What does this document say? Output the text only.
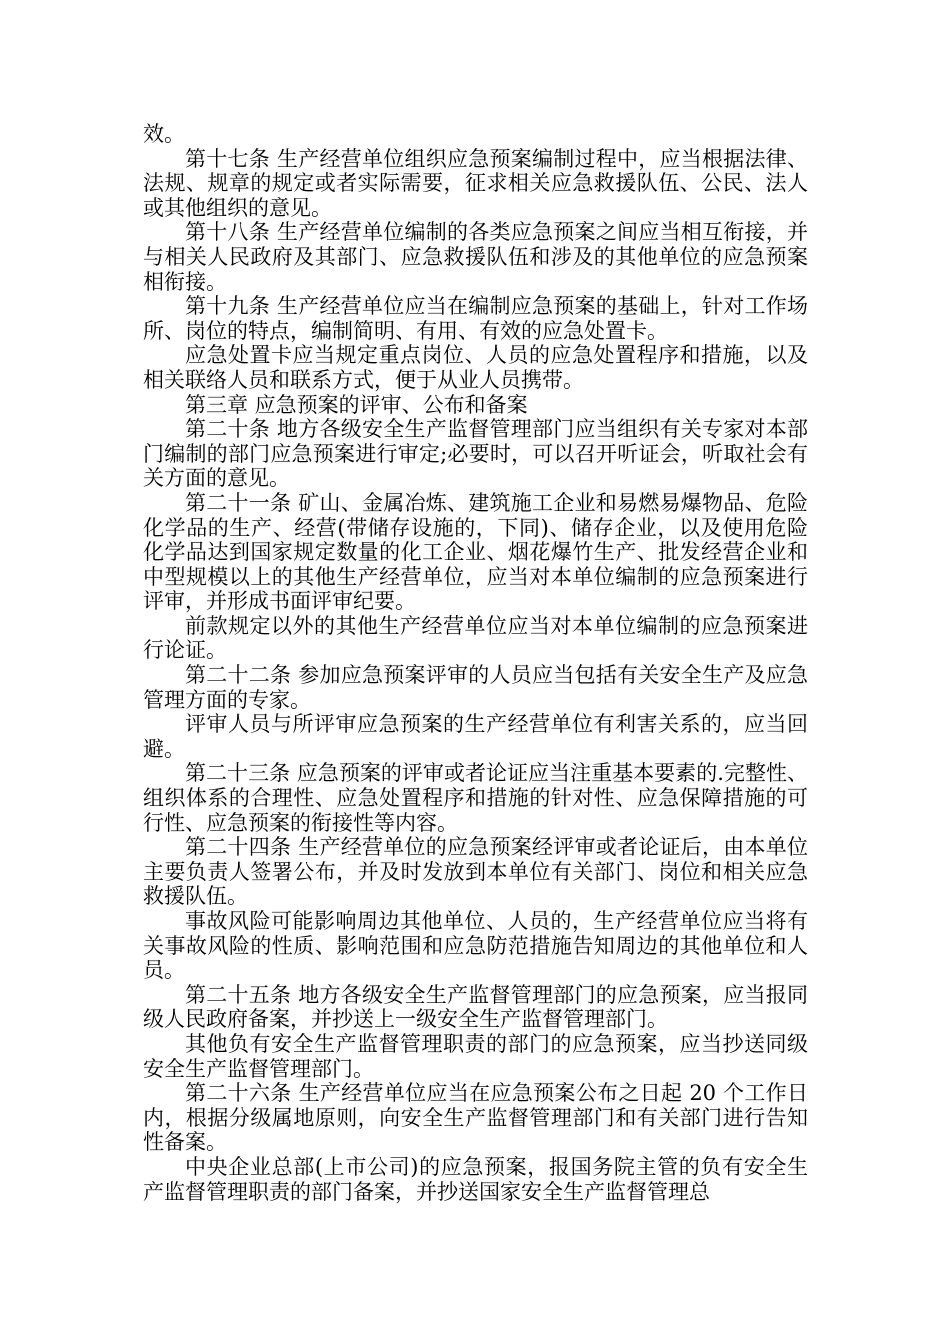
效。

第十七条 生产经营单位组织应急预案编制过程中，应当根据法律、法规、规章的规定或者实际需要，征求相关应急救援队伍、公民、法人或其他组织的意见。

第十八条 生产经营单位编制的各类应急预案之间应当相互衔接，并与相关人民政府及其部门、应急救援队伍和涉及的其他单位的应急预案相衔接。

第十九条 生产经营单位应当在编制应急预案的基础上，针对工作场所、岗位的特点，编制简明、有用、有效的应急处置卡。

应急处置卡应当规定重点岗位、人员的应急处置程序和措施，以及相关联络人员和联系方式，便于从业人员携带。

第三章 应急预案的评审、公布和备案

第二十条 地方各级安全生产监督管理部门应当组织有关专家对本部门编制的部门应急预案进行审定;必要时，可以召开听证会，听取社会有关方面的意见。

第二十一条 矿山、金属冶炼、建筑施工企业和易燃易爆物品、危险化学品的生产、经营(带储存设施的，下同)、储存企业，以及使用危险化学品达到国家规定数量的化工企业、烟花爆竹生产、批发经营企业和中型规模以上的其他生产经营单位，应当对本单位编制的应急预案进行评审，并形成书面评审纪要。

前款规定以外的其他生产经营单位应当对本单位编制的应急预案进行论证。

第二十二条 参加应急预案评审的人员应当包括有关安全生产及应急管理方面的专家。

评审人员与所评审应急预案的生产经营单位有利害关系的，应当回避。

第二十三条 应急预案的评审或者论证应当注重基本要素的.完整性、组织体系的合理性、应急处置程序和措施的针对性、应急保障措施的可行性、应急预案的衔接性等内容。

第二十四条 生产经营单位的应急预案经评审或者论证后，由本单位主要负责人签署公布，并及时发放到本单位有关部门、岗位和相关应急救援队伍。

事故风险可能影响周边其他单位、人员的，生产经营单位应当将有关事故风险的性质、影响范围和应急防范措施告知周边的其他单位和人员。

第二十五条 地方各级安全生产监督管理部门的应急预案，应当报同级人民政府备案，并抄送上一级安全生产监督管理部门。

其他负有安全生产监督管理职责的部门的应急预案，应当抄送同级安全生产监督管理部门。

第二十六条 生产经营单位应当在应急预案公布之日起 20 个工作日内，根据分级属地原则，向安全生产监督管理部门和有关部门进行告知性备案。

中央企业总部(上市公司)的应急预案，报国务院主管的负有安全生产监督管理职责的部门备案，并抄送国家安全生产监督管理总
